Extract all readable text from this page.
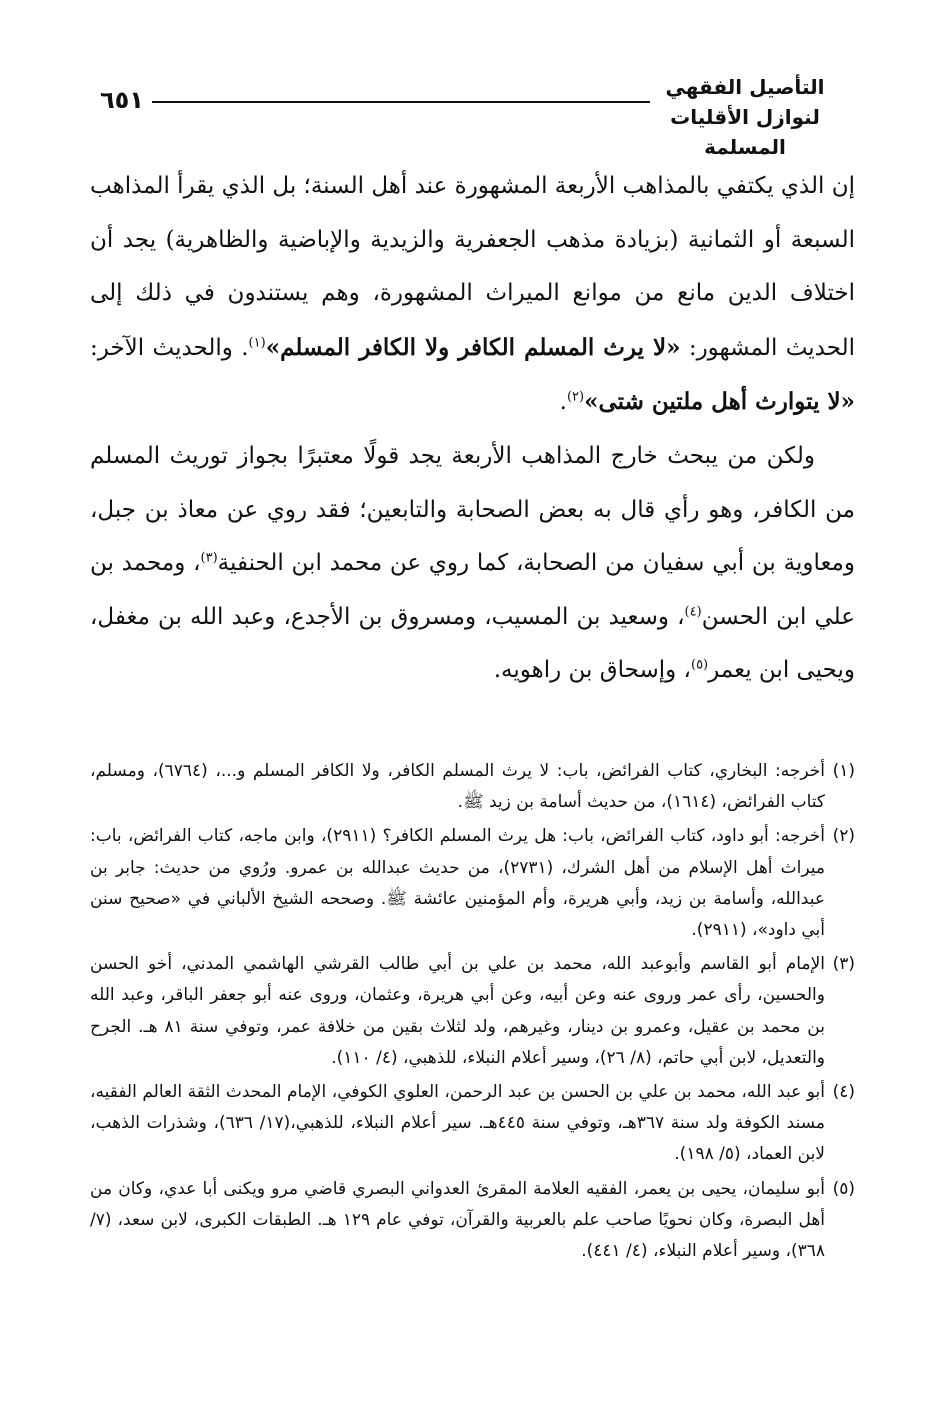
٦٥١	التأصيل الفقهي
لنوازل الأقليات المسلمة

إن الذي يكتفي بالمذاهب الأربعة المشهورة عند أهل السنة؛ بل الذي يقرأ المذاهب السبعة أو الثمانية (بزيادة مذهب الجعفرية والزيدية والإباضية والظاهرية) يجد أن اختلاف الدين مانع من موانع الميراث المشهورة، وهم يستندون في ذلك إلى الحديث المشهور: «لا يرث المسلم الكافر ولا الكافر المسلم»$^{(١)}$. والحديث الآخر: «لا يتوارث أهل ملتين شتى»$^{(٢)}$.

ولكن من يبحث خارج المذاهب الأربعة يجد قولًا معتبرًا بجواز توريث المسلم من الكافر، وهو رأي قال به بعض الصحابة والتابعين؛ فقد روي عن معاذ بن جبل، ومعاوية بن أبي سفيان من الصحابة، كما روي عن محمد ابن الحنفية$^{(٣)}$، ومحمد بن علي ابن الحسن$^{(٤)}$، وسعيد بن المسيب، ومسروق بن الأجدع، وعبد الله بن مغفل، ويحيى ابن يعمر$^{(٥)}$، وإسحاق بن راهويه.

(١)
أخرجه: البخاري، كتاب الفرائض، باب: لا يرث المسلم الكافر، ولا الكافر المسلم و...، (٦٧٦٤)، ومسلم، كتاب الفرائض، (١٦١٤)، من حديث أسامة بن زيد ﷺ.

(٢)
أخرجه: أبو داود، كتاب الفرائض، باب: هل يرث المسلم الكافر؟ (٢٩١١)، وابن ماجه، كتاب الفرائض، باب: ميراث أهل الإسلام من أهل الشرك، (٢٧٣١)، من حديث عبدالله بن عمرو. ورُوي من حديث: جابر بن عبدالله، وأسامة بن زيد، وأبي هريرة، وأم المؤمنين عائشة ﷺ. وصححه الشيخ الألباني في «صحيح سنن أبي داود»، (٢٩١١).

(٣)
الإمام أبو القاسم وأبوعبد الله، محمد بن علي بن أبي طالب القرشي الهاشمي المدني، أخو الحسن والحسين، رأى عمر وروى عنه وعن أبيه، وعن أبي هريرة، وعثمان، وروى عنه أبو جعفر الباقر، وعبد الله بن محمد بن عقيل، وعمرو بن دينار، وغيرهم، ولد لثلاث بقين من خلافة عمر، وتوفي سنة ٨١ هـ. الجرح والتعديل، لابن أبي حاتم، (٨/ ٢٦)، وسير أعلام النبلاء، للذهبي، (٤/ ١١٠).

(٤)
أبو عبد الله، محمد بن علي بن الحسن بن عبد الرحمن، العلوي الكوفي، الإمام المحدث الثقة العالم الفقيه، مسند الكوفة ولد سنة ٣٦٧هـ، وتوفي سنة ٤٤٥هـ. سير أعلام النبلاء، للذهبي،(١٧/ ٦٣٦)، وشذرات الذهب، لابن العماد، (٥/ ١٩٨).

(٥)
أبو سليمان، يحيى بن يعمر، الفقيه العلامة المقرئ العدواني البصري قاضي مرو ويكنى أبا عدي، وكان من أهل البصرة، وكان نحويًا صاحب علم بالعربية والقرآن، توفي عام ١٢٩ هـ. الطبقات الكبرى، لابن سعد، (٧/ ٣٦٨)، وسير أعلام النبلاء، (٤/ ٤٤١).
